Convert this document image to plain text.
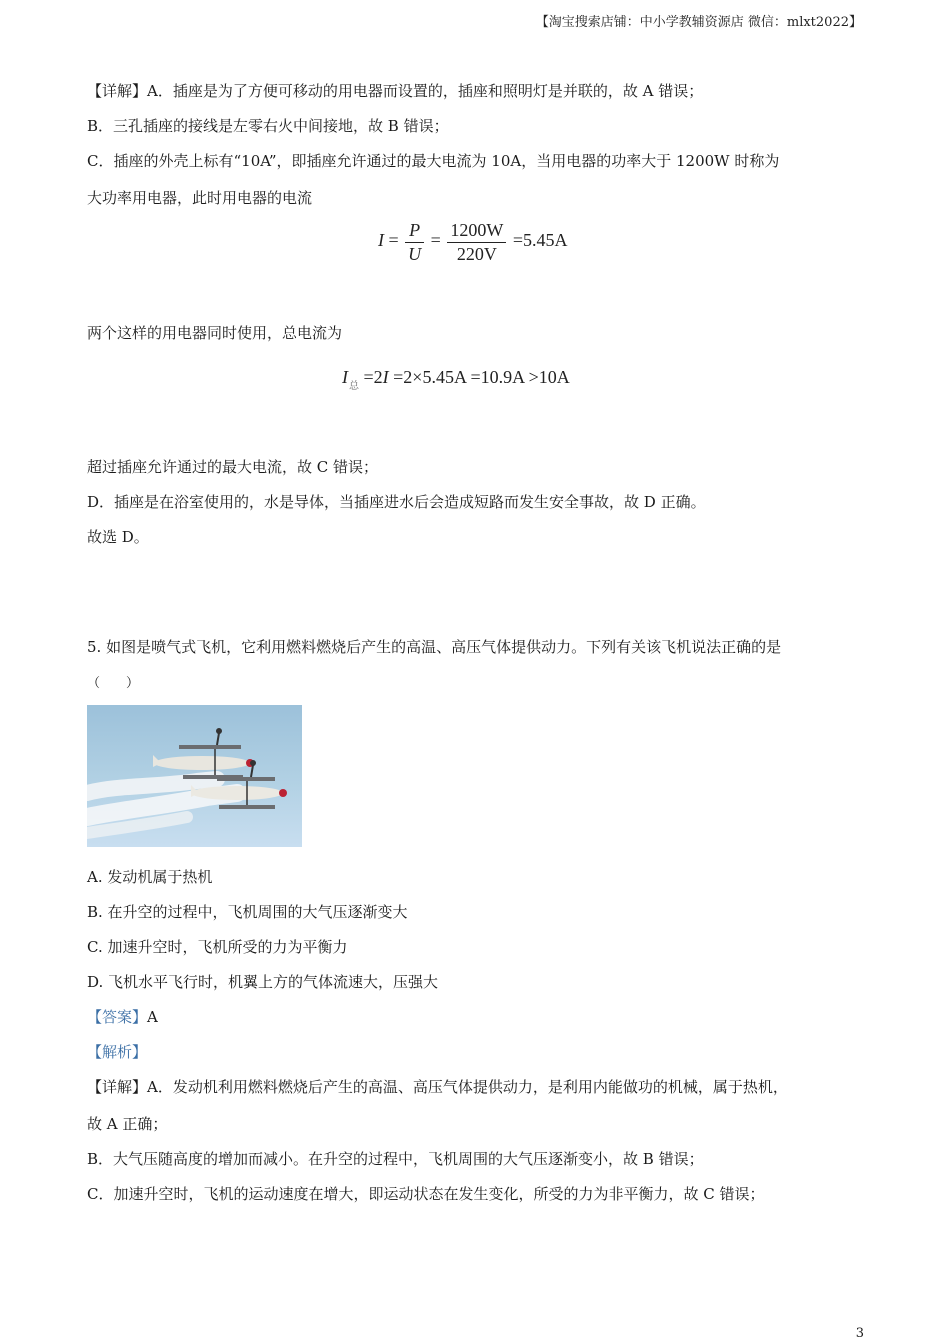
【淘宝搜索店铺：中小学教辅资源店 微信：mlxt2022】
【详解】A．插座是为了方便可移动的用电器而设置的，插座和照明灯是并联的，故 A 错误；
B．三孔插座的接线是左零右火中间接地，故 B 错误；
C．插座的外壳上标有“10A”，即插座允许通过的最大电流为 10A，当用电器的功率大于 1200W 时称为
大功率用电器，此时用电器的电流
$I = \frac{P}{U} = \frac{1200W}{220V} =5.45A$
两个这样的用电器同时使用，总电流为
$I_总 =2I =2\times 5.45A =10.9A >10A$
超过插座允许通过的最大电流，故 C 错误；
D．插座是在浴室使用的，水是导体，当插座进水后会造成短路而发生安全事故，故 D 正确。
故选 D。
5. 如图是喷气式飞机，它利用燃料燃烧后产生的高温、高压气体提供动力。下列有关该飞机说法正确的是
（　　）
A. 发动机属于热机
B. 在升空的过程中，飞机周围的大气压逐渐变大
C. 加速升空时，飞机所受的力为平衡力
D. 飞机水平飞行时，机翼上方的气体流速大，压强大
【答案】A
【解析】
【详解】A．发动机利用燃料燃烧后产生的高温、高压气体提供动力，是利用内能做功的机械，属于热机，
故 A 正确；
B．大气压随高度的增加而减小。在升空的过程中，飞机周围的大气压逐渐变小，故 B 错误；
C．加速升空时，飞机的运动速度在增大，即运动状态在发生变化，所受的力为非平衡力，故 C 错误；
3
